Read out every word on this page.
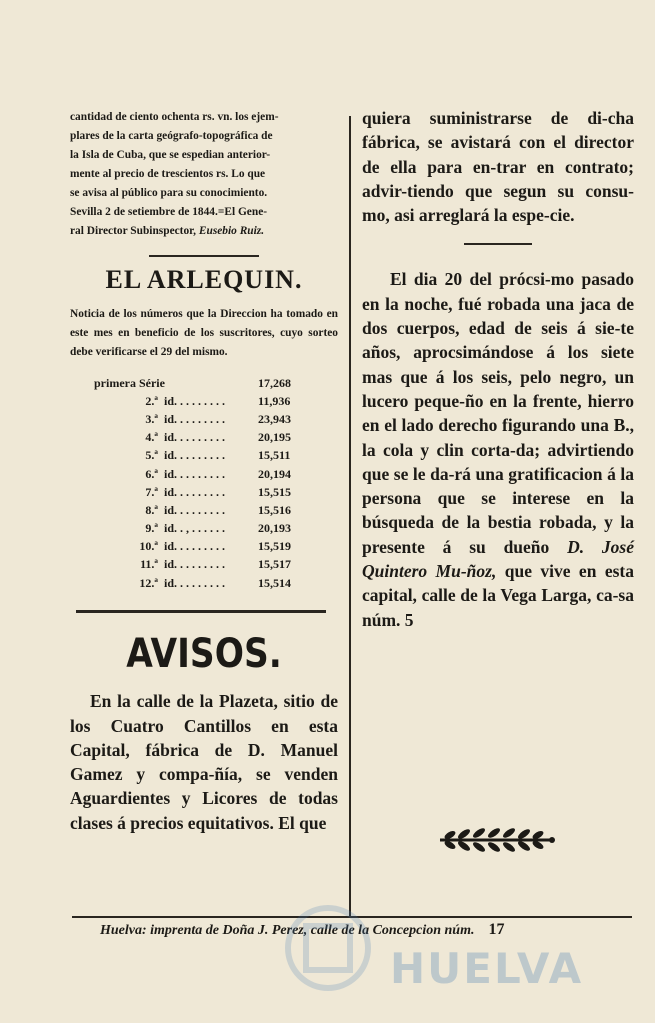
cantidad de ciento ochenta rs. vn. los ejem-
plares de la carta geógrafo-topográfica de
la Isla de Cuba, que se espedian anterior-
mente al precio de trescientos rs. Lo que
se avisa al público para su conocimiento.
Sevilla 2 de setiembre de 1844.=El Gene-
ral Director Subinspector, Eusebio Ruiz.
EL ARLEQUIN.
Noticia de los números que la Direccion ha tomado en este mes en beneficio de los suscritores, cuyo sorteo debe verificarse el 29 del mismo.
primera Série		17,268
2.ª	id. . . . . . . . .	11,936
3.ª	id. . . . . . . . .	23,943
4.ª	id. . . . . . . . .	20,195
5.ª	id. . . . . . . . .	15,511
6.ª	id. . . . . . . . .	20,194
7.ª	id. . . . . . . . .	15,515
8.ª	id. . . . . . . . .	15,516
9.ª	id. . , . . . . . .	20,193
10.ª	id. . . . . . . . .	15,519
11.ª	id. . . . . . . . .	15,517
12.ª	id. . . . . . . . .	15,514
AVISOS.
En la calle de la Plazeta, sitio de los Cuatro Cantillos en esta Capital, fábrica de D. Manuel Gamez y compa-ñía, se venden Aguardientes y Licores de todas clases á precios equitativos. El que
quiera suministrarse de di-cha fábrica, se avistará con el director de ella para en-trar en contrato; advir-tiendo que segun su consu-mo, asi arreglará la espe-cie.
El dia 20 del prócsi-mo pasado en la noche, fué robada una jaca de dos cuerpos, edad de seis á sie-te años, aprocsimándose á los siete mas que á los seis, pelo negro, un lucero peque-ño en la frente, hierro en el lado derecho figurando una B., la cola y clin corta-da; advirtiendo que se le da-rá una gratificacion á la persona que se interese en la búsqueda de la bestia robada, y la presente á su dueño D. José Quintero Mu-ñoz, que vive en esta capital, calle de la Vega Larga, ca-sa núm. 5
Huelva: imprenta de Doña J. Perez, calle de la Concepcion núm. 17
HUELVA
